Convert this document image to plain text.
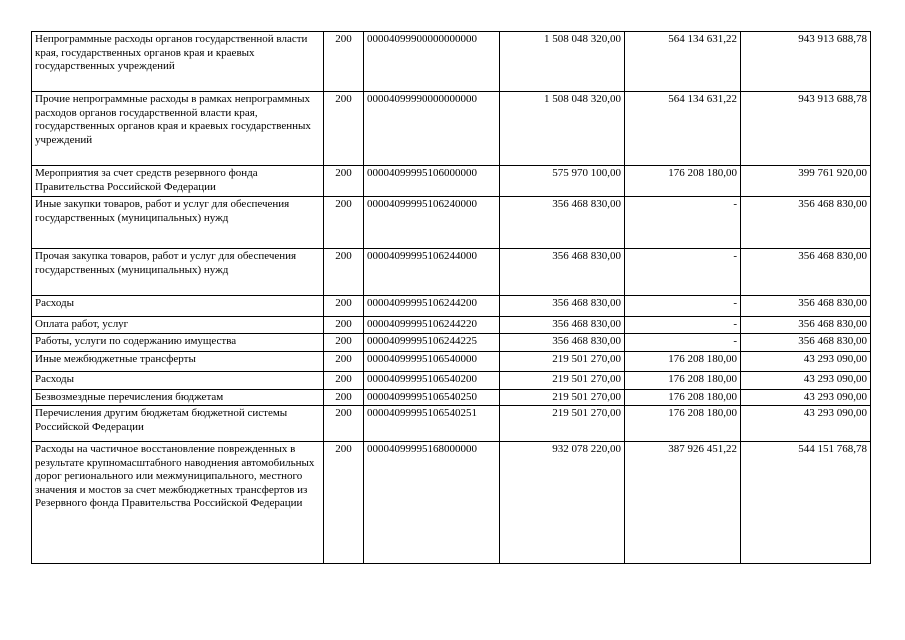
Непрограммные расходы органов государственной власти края, государственных органов края и краевых государственных учреждений	200	00004099900000000000	1 508 048 320,00	564 134 631,22	943 913 688,78
Прочие непрограммные расходы в рамках непрограммных расходов органов государственной власти края, государственных органов края и краевых государственных учреждений	200	00004099990000000000	1 508 048 320,00	564 134 631,22	943 913 688,78
Мероприятия за счет средств резервного фонда Правительства Российской Федерации	200	00004099995106000000	575 970 100,00	176 208 180,00	399 761 920,00
Иные закупки товаров, работ и услуг для обеспечения государственных (муниципальных) нужд	200	00004099995106240000	356 468 830,00	-	356 468 830,00
Прочая закупка товаров, работ и услуг для обеспечения государственных (муниципальных) нужд	200	00004099995106244000	356 468 830,00	-	356 468 830,00
Расходы	200	00004099995106244200	356 468 830,00	-	356 468 830,00
Оплата работ, услуг	200	00004099995106244220	356 468 830,00	-	356 468 830,00
Работы, услуги по содержанию имущества	200	00004099995106244225	356 468 830,00	-	356 468 830,00
Иные межбюджетные трансферты	200	00004099995106540000	219 501 270,00	176 208 180,00	43 293 090,00
Расходы	200	00004099995106540200	219 501 270,00	176 208 180,00	43 293 090,00
Безвозмездные перечисления бюджетам	200	00004099995106540250	219 501 270,00	176 208 180,00	43 293 090,00
Перечисления другим бюджетам бюджетной системы Российской Федерации	200	00004099995106540251	219 501 270,00	176 208 180,00	43 293 090,00
Расходы на частичное восстановление поврежденных в результате крупномасштабного наводнения автомобильных дорог регионального или межмуниципального, местного значения и мостов за счет межбюджетных трансфертов из Резервного фонда Правительства Российской Федерации	200	00004099995168000000	932 078 220,00	387 926 451,22	544 151 768,78
